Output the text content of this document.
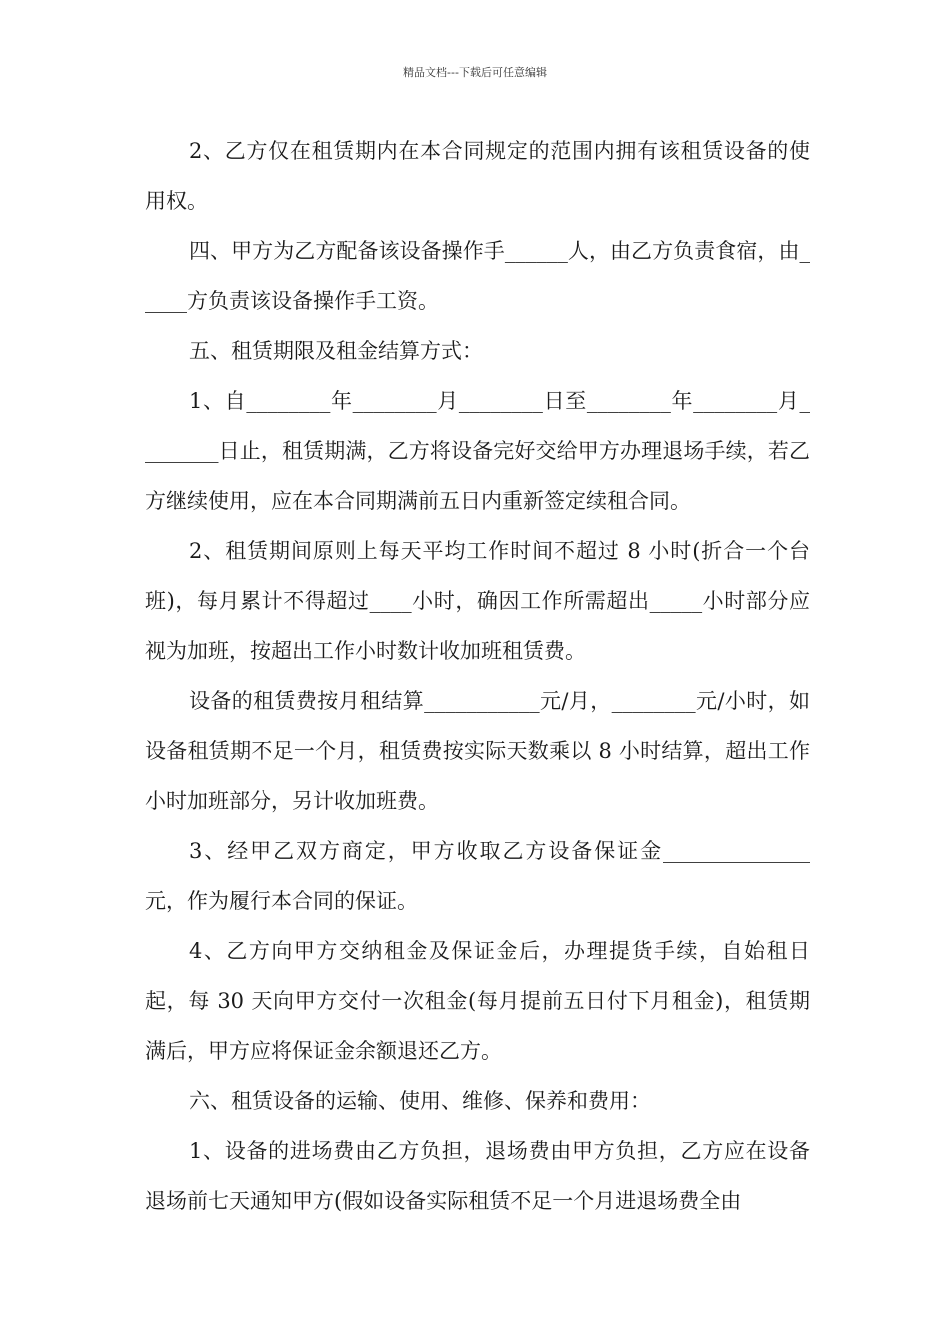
精品文档---下载后可任意编辑

2、乙方仅在租赁期内在本合同规定的范围内拥有该租赁设备的使用权。

四、甲方为乙方配备该设备操作手______人，由乙方负责食宿，由_____方负责该设备操作手工资。

五、租赁期限及租金结算方式：

1、自________年________月________日至________年________月________日止，租赁期满，乙方将设备完好交给甲方办理退场手续，若乙方继续使用，应在本合同期满前五日内重新签定续租合同。

2、租赁期间原则上每天平均工作时间不超过 8 小时(折合一个台班)，每月累计不得超过____小时，确因工作所需超出_____小时部分应视为加班，按超出工作小时数计收加班租赁费。

设备的租赁费按月租结算___________元/月，________元/小时，如设备租赁期不足一个月，租赁费按实际天数乘以 8 小时结算，超出工作小时加班部分，另计收加班费。

3、经甲乙双方商定，甲方收取乙方设备保证金______________元，作为履行本合同的保证。

4、乙方向甲方交纳租金及保证金后，办理提货手续，自始租日起，每 30 天向甲方交付一次租金(每月提前五日付下月租金)，租赁期满后，甲方应将保证金余额退还乙方。

六、租赁设备的运输、使用、维修、保养和费用：

1、设备的进场费由乙方负担，退场费由甲方负担，乙方应在设备退场前七天通知甲方(假如设备实际租赁不足一个月进退场费全由
